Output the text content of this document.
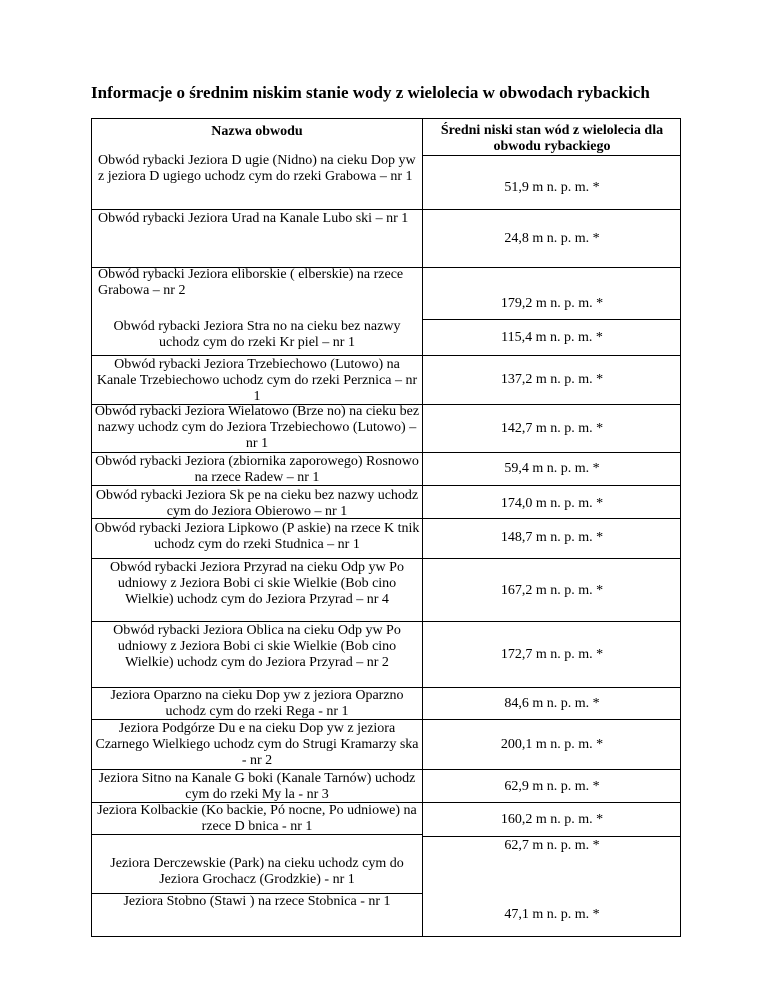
Informacje o średnim niskim stanie wody z wielolecia w obwodach rybackich
Nazwa obwodu	Średni niski stan wód z wielolecia dla obwodu rybackiego
Obwód rybacki Jeziora D ugie (Nidno) na cieku Dop yw z jeziora D ugiego uchodz cym do rzeki Grabowa – nr 1
Obwód rybacki Jeziora Urad na Kanale Lubo ski – nr 1
Obwód rybacki Jeziora eliborskie ( elberskie) na rzece Grabowa – nr 2
Obwód rybacki Jeziora Stra no na cieku bez nazwy uchodz cym do rzeki Kr piel – nr 1
Obwód rybacki Jeziora Trzebiechowo (Lutowo) na Kanale Trzebiechowo uchodz cym do rzeki Perznica – nr 1
Obwód rybacki Jeziora Wielatowo (Brze no) na cieku bez nazwy uchodz cym do Jeziora Trzebiechowo (Lutowo) – nr 1
Obwód rybacki Jeziora (zbiornika zaporowego) Rosnowo na rzece Radew – nr 1
Obwód rybacki Jeziora Sk pe na cieku bez nazwy uchodz cym do Jeziora Obierowo – nr 1
Obwód rybacki Jeziora Lipkowo (P askie) na rzece K tnik uchodz cym do rzeki Studnica – nr 1
Obwód rybacki Jeziora Przyrad na cieku Odp yw Po udniowy z Jeziora Bobi ci skie Wielkie (Bob cino Wielkie) uchodz cym do Jeziora Przyrad – nr 4
Obwód rybacki Jeziora Oblica na cieku Odp yw Po udniowy z Jeziora Bobi ci skie Wielkie (Bob cino Wielkie) uchodz cym do Jeziora Przyrad – nr 2
Jeziora Oparzno na cieku Dop yw z jeziora Oparzno uchodz cym do rzeki Rega - nr 1
Jeziora Podgórze Du e na cieku Dop yw z jeziora Czarnego Wielkiego uchodz cym do Strugi Kramarzy ska - nr 2
Jeziora Sitno na Kanale G boki (Kanale Tarnów) uchodz cym do rzeki My la - nr 3
Jeziora Kolbackie (Ko backie, Pó nocne, Po udniowe) na rzece D bnica - nr 1
Jeziora Derczewskie (Park) na cieku uchodz cym do Jeziora Grochacz (Grodzkie) - nr 1
Jeziora Stobno (Stawi ) na rzece Stobnica - nr 1
51,9 m n. p. m. *
24,8 m n. p. m. *
179,2 m n. p. m. *
115,4 m n. p. m. *
137,2 m n. p. m. *
142,7 m n. p. m. *
59,4 m n. p. m. *
174,0 m n. p. m. *
148,7 m n. p. m. *
167,2 m n. p. m. *
172,7 m n. p. m. *
84,6 m n. p. m. *
200,1 m n. p. m. *
62,9 m n. p. m. *
160,2 m n. p. m. *
62,7 m n. p. m. *
47,1 m n. p. m. *
